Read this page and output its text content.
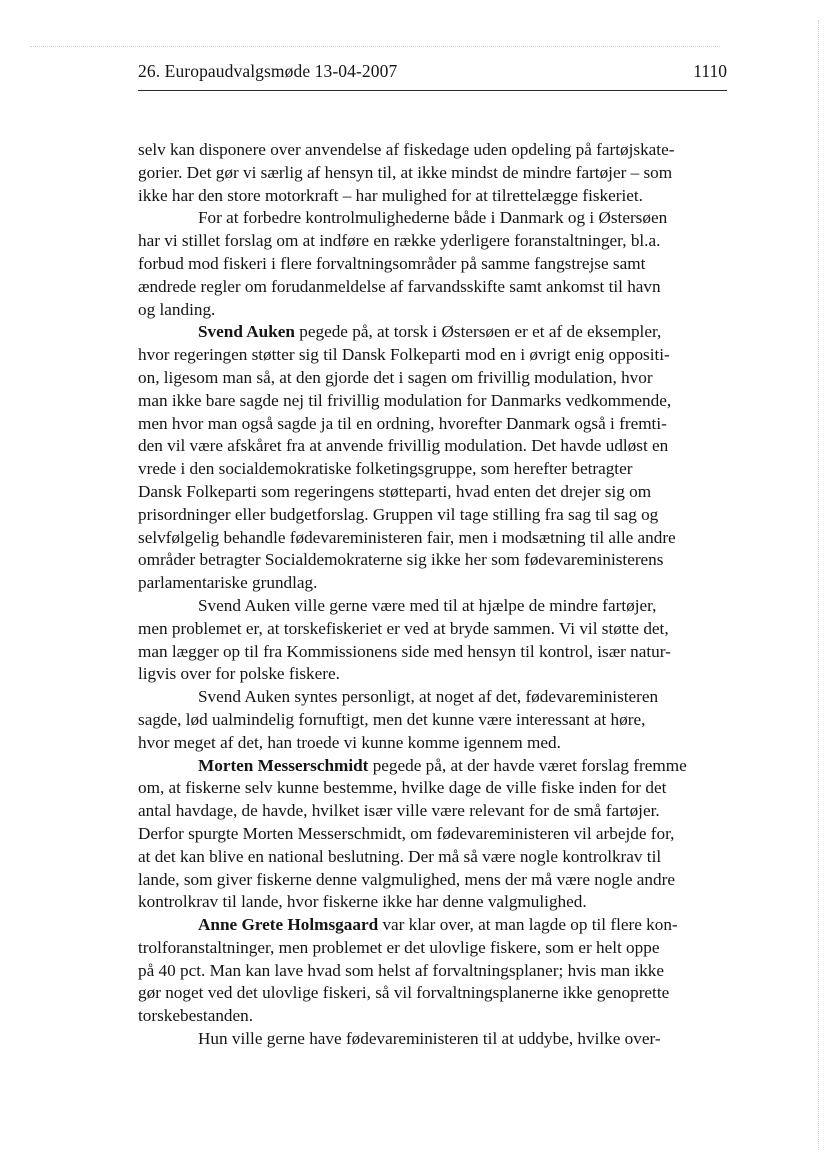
26. Europaudvalgsmøde 13-04-2007	1110
selv kan disponere over anvendelse af fiskedage uden opdeling på fartøjskate-
gorier. Det gør vi særlig af hensyn til, at ikke mindst de mindre fartøjer – som
ikke har den store motorkraft – har mulighed for at tilrettelægge fiskeriet.
For at forbedre kontrolmulighederne både i Danmark og i Østersøen
har vi stillet forslag om at indføre en række yderligere foranstaltninger, bl.a.
forbud mod fiskeri i flere forvaltningsområder på samme fangstrejse samt
ændrede regler om forudanmeldelse af farvandsskifte samt ankomst til havn
og landing.
Svend Auken pegede på, at torsk i Østersøen er et af de eksempler,
hvor regeringen støtter sig til Dansk Folkeparti mod en i øvrigt enig oppositi-
on, ligesom man så, at den gjorde det i sagen om frivillig modulation, hvor
man ikke bare sagde nej til frivillig modulation for Danmarks vedkommende,
men hvor man også sagde ja til en ordning, hvorefter Danmark også i fremti-
den vil være afskåret fra at anvende frivillig modulation. Det havde udløst en
vrede i den socialdemokratiske folketingsgruppe, som herefter betragter
Dansk Folkeparti som regeringens støtteparti, hvad enten det drejer sig om
prisordninger eller budgetforslag. Gruppen vil tage stilling fra sag til sag og
selvfølgelig behandle fødevareministeren fair, men i modsætning til alle andre
områder betragter Socialdemokraterne sig ikke her som fødevareministerens
parlamentariske grundlag.
Svend Auken ville gerne være med til at hjælpe de mindre fartøjer,
men problemet er, at torskefiskeriet er ved at bryde sammen. Vi vil støtte det,
man lægger op til fra Kommissionens side med hensyn til kontrol, især natur-
ligvis over for polske fiskere.
Svend Auken syntes personligt, at noget af det, fødevareministeren
sagde, lød ualmindelig fornuftigt, men det kunne være interessant at høre,
hvor meget af det, han troede vi kunne komme igennem med.
Morten Messerschmidt pegede på, at der havde været forslag fremme
om, at fiskerne selv kunne bestemme, hvilke dage de ville fiske inden for det
antal havdage, de havde, hvilket især ville være relevant for de små fartøjer.
Derfor spurgte Morten Messerschmidt, om fødevareministeren vil arbejde for,
at det kan blive en national beslutning. Der må så være nogle kontrolkrav til
lande, som giver fiskerne denne valgmulighed, mens der må være nogle andre
kontrolkrav til lande, hvor fiskerne ikke har denne valgmulighed.
Anne Grete Holmsgaard var klar over, at man lagde op til flere kon-
trolforanstaltninger, men problemet er det ulovlige fiskere, som er helt oppe
på 40 pct. Man kan lave hvad som helst af forvaltningsplaner; hvis man ikke
gør noget ved det ulovlige fiskeri, så vil forvaltningsplanerne ikke genoprette
torskebestanden.
Hun ville gerne have fødevareministeren til at uddybe, hvilke over-
